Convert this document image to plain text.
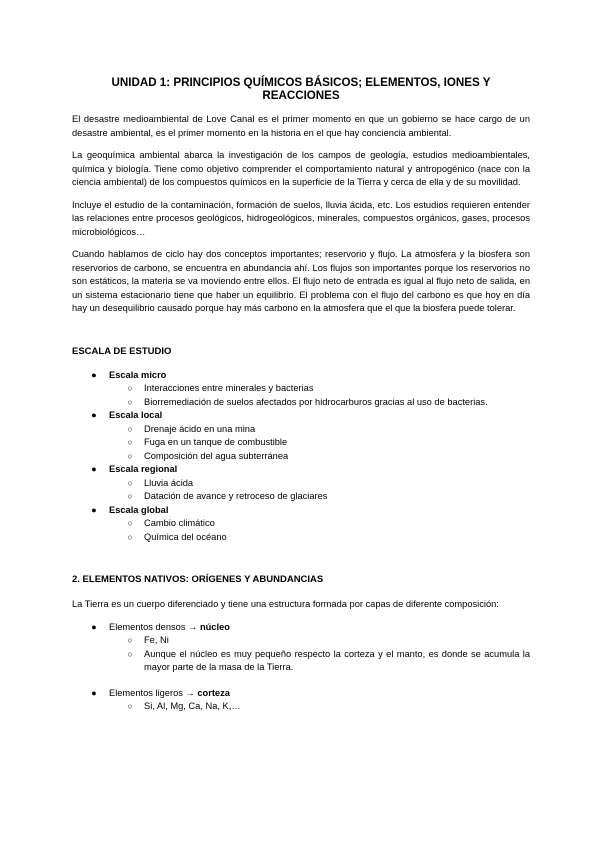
UNIDAD 1: PRINCIPIOS QUÍMICOS BÁSICOS; ELEMENTOS, IONES Y REACCIONES

El desastre medioambiental de Love Canal es el primer momento en que un gobierno se hace cargo de un desastre ambiental, es el primer momento en la historia en el que hay conciencia ambiental.

La geoquímica ambiental abarca la investigación de los campos de geología, estudios medioambientales, química y biología. Tiene como objetivo comprender el comportamiento natural y antropogénico (nace con la ciencia ambiental) de los compuestos químicos en la superficie de la Tierra y cerca de ella y de su movilidad.

Incluye el estudio de la contaminación, formación de suelos, lluvia ácida, etc. Los estudios requieren entender las relaciones entre procesos geológicos, hidrogeológicos, minerales, compuestos orgánicos, gases, procesos microbiológicos…

Cuando hablamos de ciclo hay dos conceptos importantes; reservorio y flujo. La atmosfera y la biosfera son reservorios de carbono, se encuentra en abundancia ahí. Los flujos son importantes porque los reservorios no son estáticos, la materia se va moviendo entre ellos. El flujo neto de entrada es igual al flujo neto de salida, en un sistema estacionario tiene que haber un equilibrio. El problema con el flujo del carbono es que hoy en día hay un desequilibrio causado porque hay más carbono en la atmosfera que el que la biosfera puede tolerar.

ESCALA DE ESTUDIO
● Escala micro
○ Interacciones entre minerales y bacterias
○ Biorremediación de suelos afectados por hidrocarburos gracias al uso de bacterias.
● Escala local
○ Drenaje ácido en una mina
○ Fuga en un tanque de combustible
○ Composición del agua subterránea
● Escala regional
○ Lluvia ácida
○ Datación de avance y retroceso de glaciares
● Escala global
○ Cambio climático
○ Química del océano
2. ELEMENTOS NATIVOS: ORÍGENES Y ABUNDANCIAS

La Tierra es un cuerpo diferenciado y tiene una estructura formada por capas de diferente composición:

● Elementos densos → núcleo
○ Fe, Ni
○ Aunque el núcleo es muy pequeño respecto la corteza y el manto, es donde se acumula la mayor parte de la masa de la Tierra.
● Elementos ligeros → corteza
○ Si, Al, Mg, Ca, Na, K,…
